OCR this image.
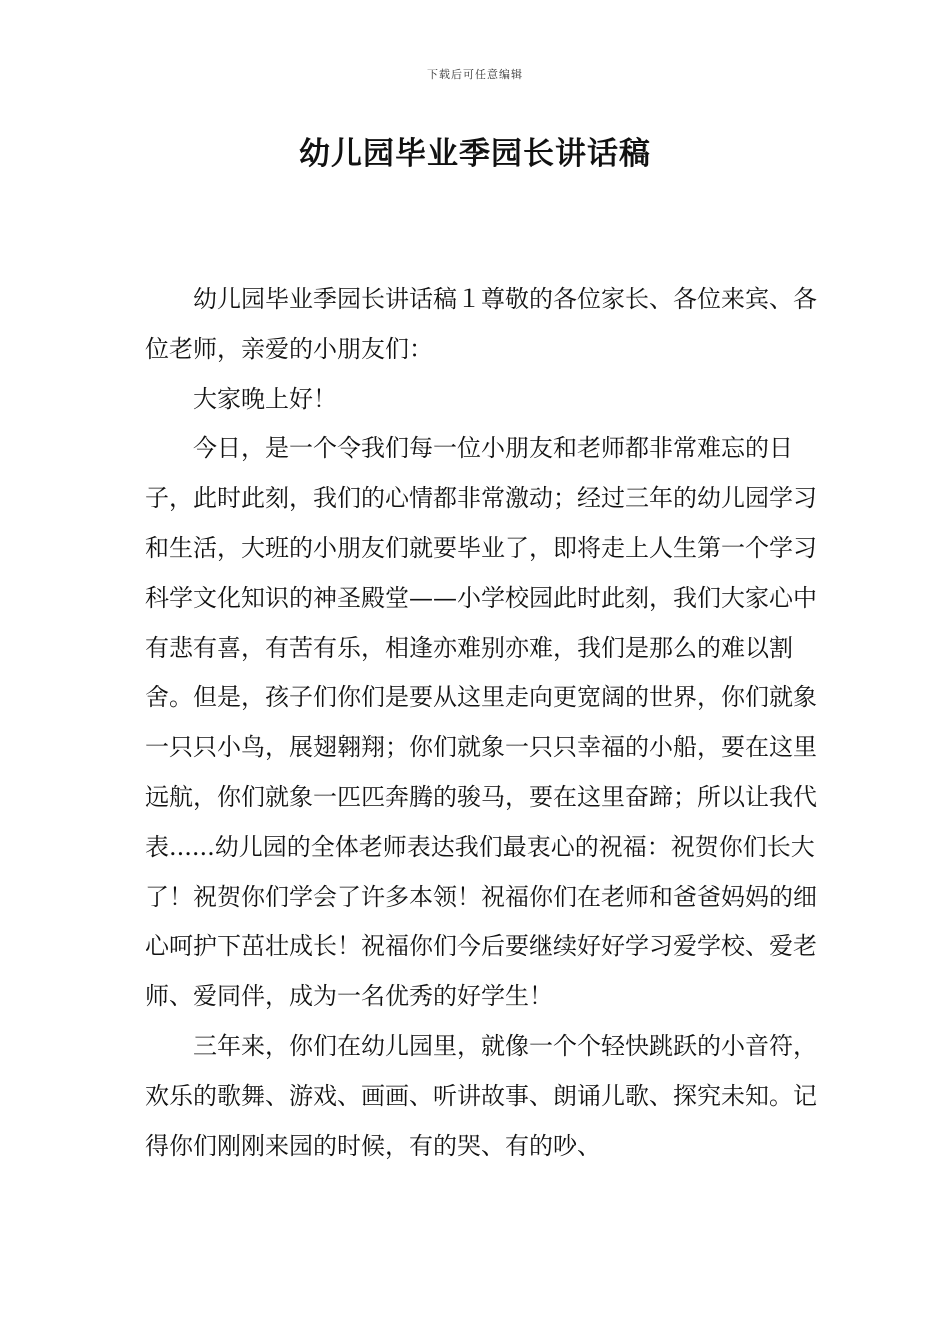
下载后可任意编辑
幼儿园毕业季园长讲话稿

幼儿园毕业季园长讲话稿１尊敬的各位家长、各位来宾、各位老师，亲爱的小朋友们：

大家晚上好！

今日，是一个令我们每一位小朋友和老师都非常难忘的日子，此时此刻，我们的心情都非常激动；经过三年的幼儿园学习和生活，大班的小朋友们就要毕业了，即将走上人生第一个学习科学文化知识的神圣殿堂——小学校园此时此刻，我们大家心中有悲有喜，有苦有乐，相逢亦难别亦难，我们是那么的难以割舍。但是，孩子们你们是要从这里走向更宽阔的世界，你们就象一只只小鸟，展翅翱翔；你们就象一只只幸福的小船，要在这里远航，你们就象一匹匹奔腾的骏马，要在这里奋蹄；所以让我代表......幼儿园的全体老师表达我们最衷心的祝福：祝贺你们长大了！祝贺你们学会了许多本领！祝福你们在老师和爸爸妈妈的细心呵护下茁壮成长！祝福你们今后要继续好好学习爱学校、爱老师、爱同伴，成为一名优秀的好学生！

三年来，你们在幼儿园里，就像一个个轻快跳跃的小音符，欢乐的歌舞、游戏、画画、听讲故事、朗诵儿歌、探究未知。记得你们刚刚来园的时候，有的哭、有的吵、
